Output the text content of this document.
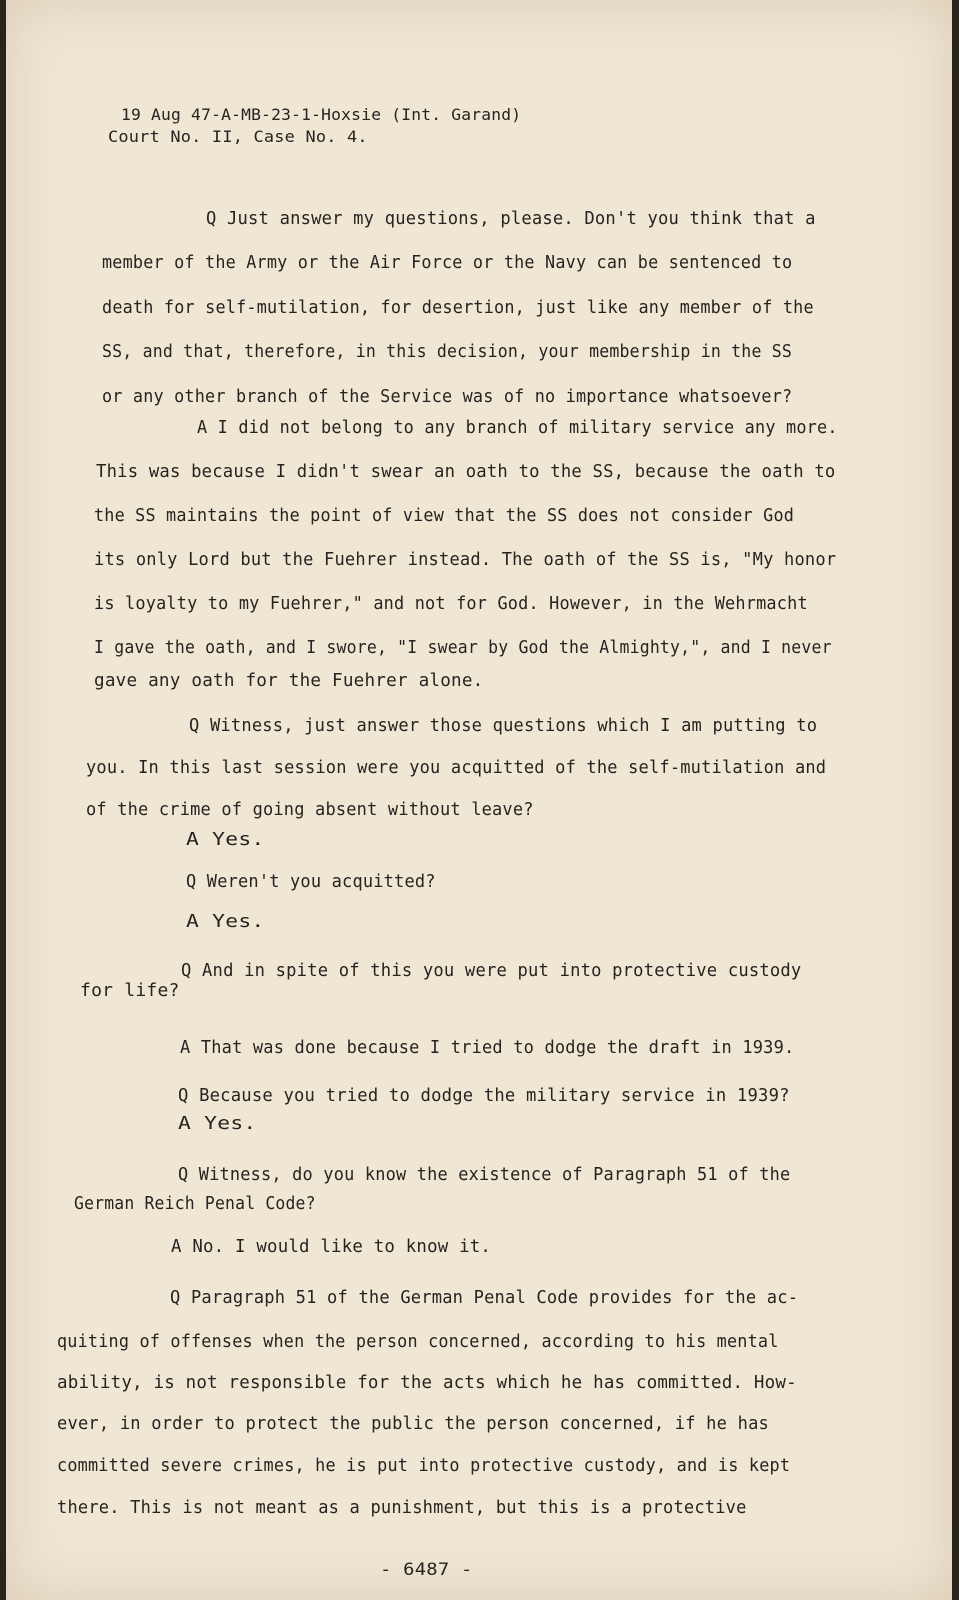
19 Aug 47-A-MB-23-1-Hoxsie (Int. Garand)

Court No. II, Case No. 4.

Q Just answer my questions, please. Don't you think that a

member of the Army or the Air Force or the Navy can be sentenced to

death for self-mutilation, for desertion, just like any member of the

SS, and that, therefore, in this decision, your membership in the SS

or any other branch of the Service was of no importance whatsoever?

A I did not belong to any branch of military service any more.

This was because I didn't swear an oath to the SS, because the oath to

the SS maintains the point of view that the SS does not consider God

its only Lord but the Fuehrer instead. The oath of the SS is, "My honor

is loyalty to my Fuehrer," and not for God. However, in the Wehrmacht

I gave the oath, and I swore, "I swear by God the Almighty,", and I never

gave any oath for the Fuehrer alone.

Q Witness, just answer those questions which I am putting to

you. In this last session were you acquitted of the self-mutilation and

of the crime of going absent without leave?

A Yes.

Q Weren't you acquitted?

A Yes.

Q And in spite of this you were put into protective custody

for life?

A That was done because I tried to dodge the draft in 1939.

Q Because you tried to dodge the military service in 1939?

A Yes.

Q Witness, do you know the existence of Paragraph 51 of the

German Reich Penal Code?

A No. I would like to know it.

Q Paragraph 51 of the German Penal Code provides for the ac-

quiting of offenses when the person concerned, according to his mental

ability, is not responsible for the acts which he has committed. How-

ever, in order to protect the public the person concerned, if he has

committed severe crimes, he is put into protective custody, and is kept

there. This is not meant as a punishment, but this is a protective

- 6487 -
